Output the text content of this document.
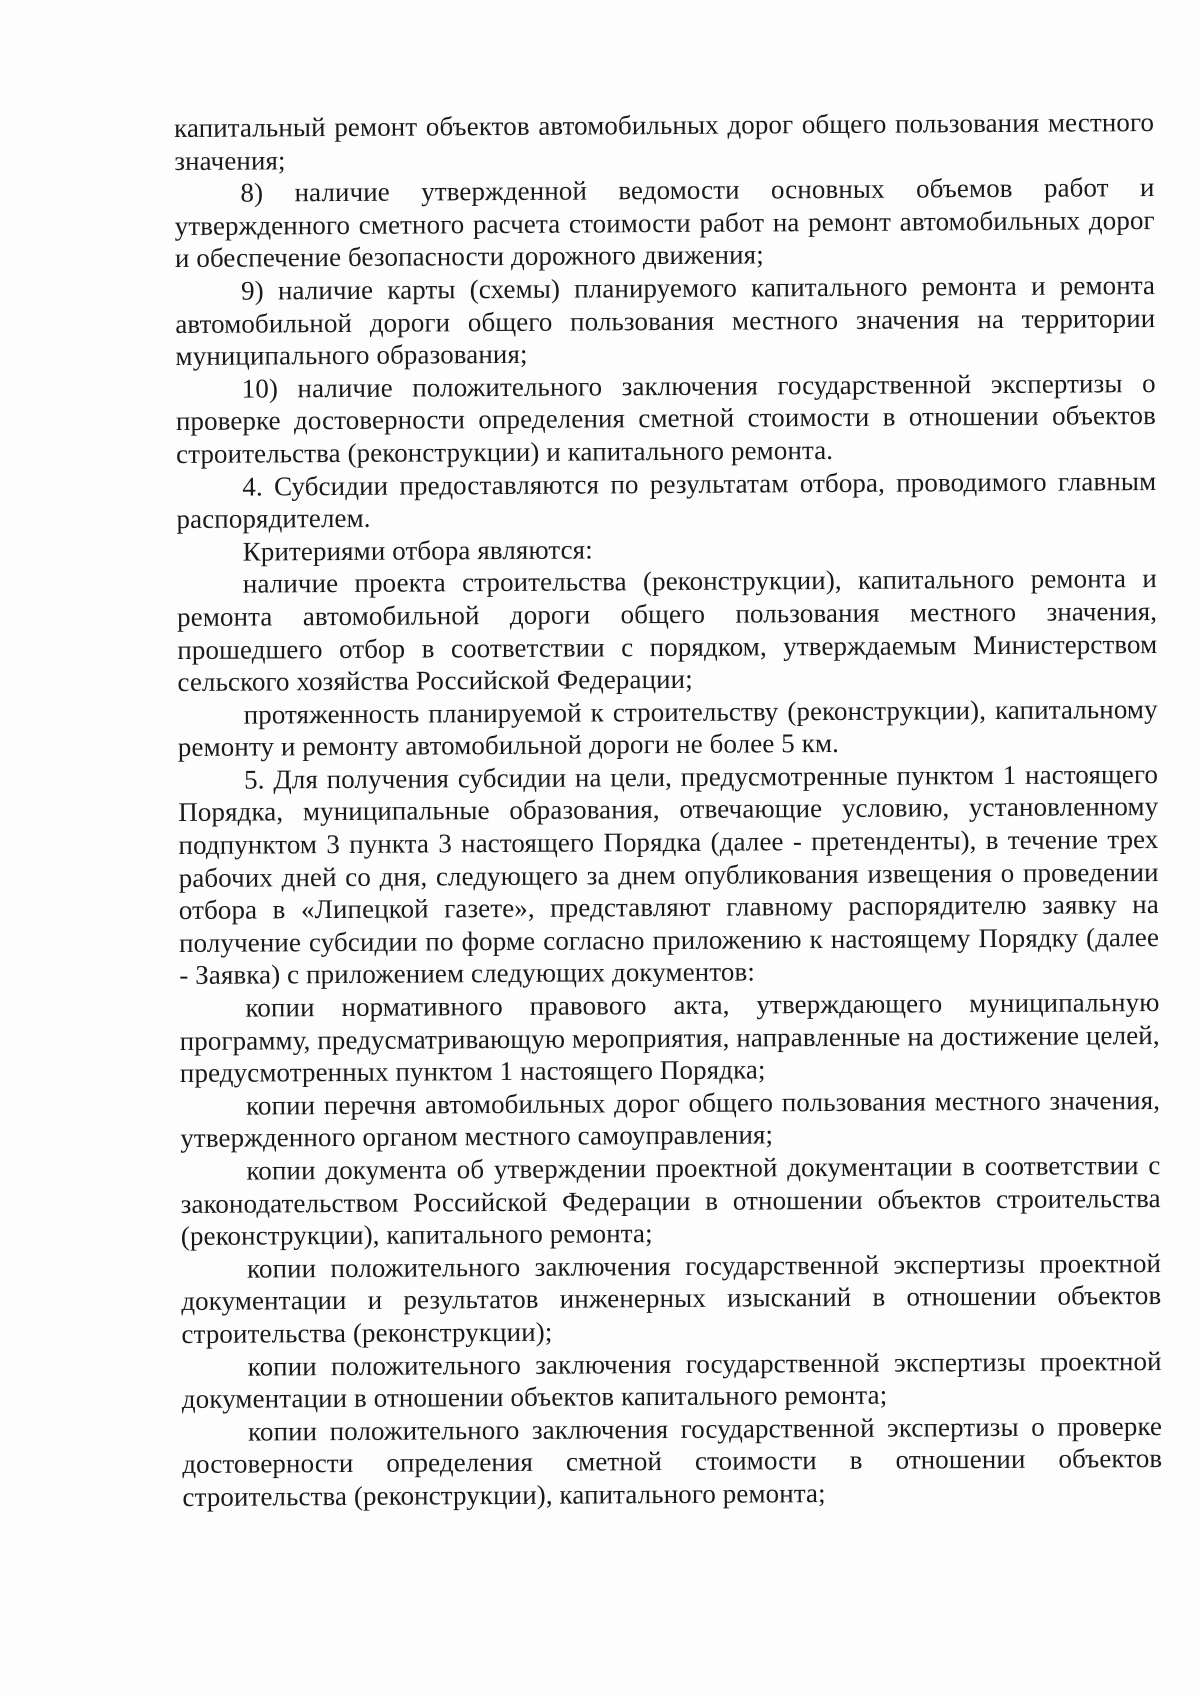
капитальный ремонт объектов автомобильных дорог общего пользования местного значения;

8) наличие утвержденной ведомости основных объемов работ и утвержденного сметного расчета стоимости работ на ремонт автомобильных дорог и обеспечение безопасности дорожного движения;

9) наличие карты (схемы) планируемого капитального ремонта и ремонта автомобильной дороги общего пользования местного значения на территории муниципального образования;

10) наличие положительного заключения государственной экспертизы о проверке достоверности определения сметной стоимости в отношении объектов строительства (реконструкции) и капитального ремонта.

4. Субсидии предоставляются по результатам отбора, проводимого главным распорядителем.

Критериями отбора являются:

наличие проекта строительства (реконструкции), капитального ремонта и ремонта автомобильной дороги общего пользования местного значения, прошедшего отбор в соответствии с порядком, утверждаемым Министерством сельского хозяйства Российской Федерации;

протяженность планируемой к строительству (реконструкции), капитальному ремонту и ремонту автомобильной дороги не более 5 км.

5. Для получения субсидии на цели, предусмотренные пунктом 1 настоящего Порядка, муниципальные образования, отвечающие условию, установленному подпунктом 3 пункта 3 настоящего Порядка (далее - претенденты), в течение трех рабочих дней со дня, следующего за днем опубликования извещения о проведении отбора в «Липецкой газете», представляют главному распорядителю заявку на получение субсидии по форме согласно приложению к настоящему Порядку (далее - Заявка) с приложением следующих документов:

копии нормативного правового акта, утверждающего муниципальную программу, предусматривающую мероприятия, направленные на достижение целей, предусмотренных пунктом 1 настоящего Порядка;

копии перечня автомобильных дорог общего пользования местного значения, утвержденного органом местного самоуправления;

копии документа об утверждении проектной документации в соответствии с законодательством Российской Федерации в отношении объектов строительства (реконструкции), капитального ремонта;

копии положительного заключения государственной экспертизы проектной документации и результатов инженерных изысканий в отношении объектов строительства (реконструкции);

копии положительного заключения государственной экспертизы проектной документации в отношении объектов капитального ремонта;

копии положительного заключения государственной экспертизы о проверке достоверности определения сметной стоимости в отношении объектов строительства (реконструкции), капитального ремонта;
